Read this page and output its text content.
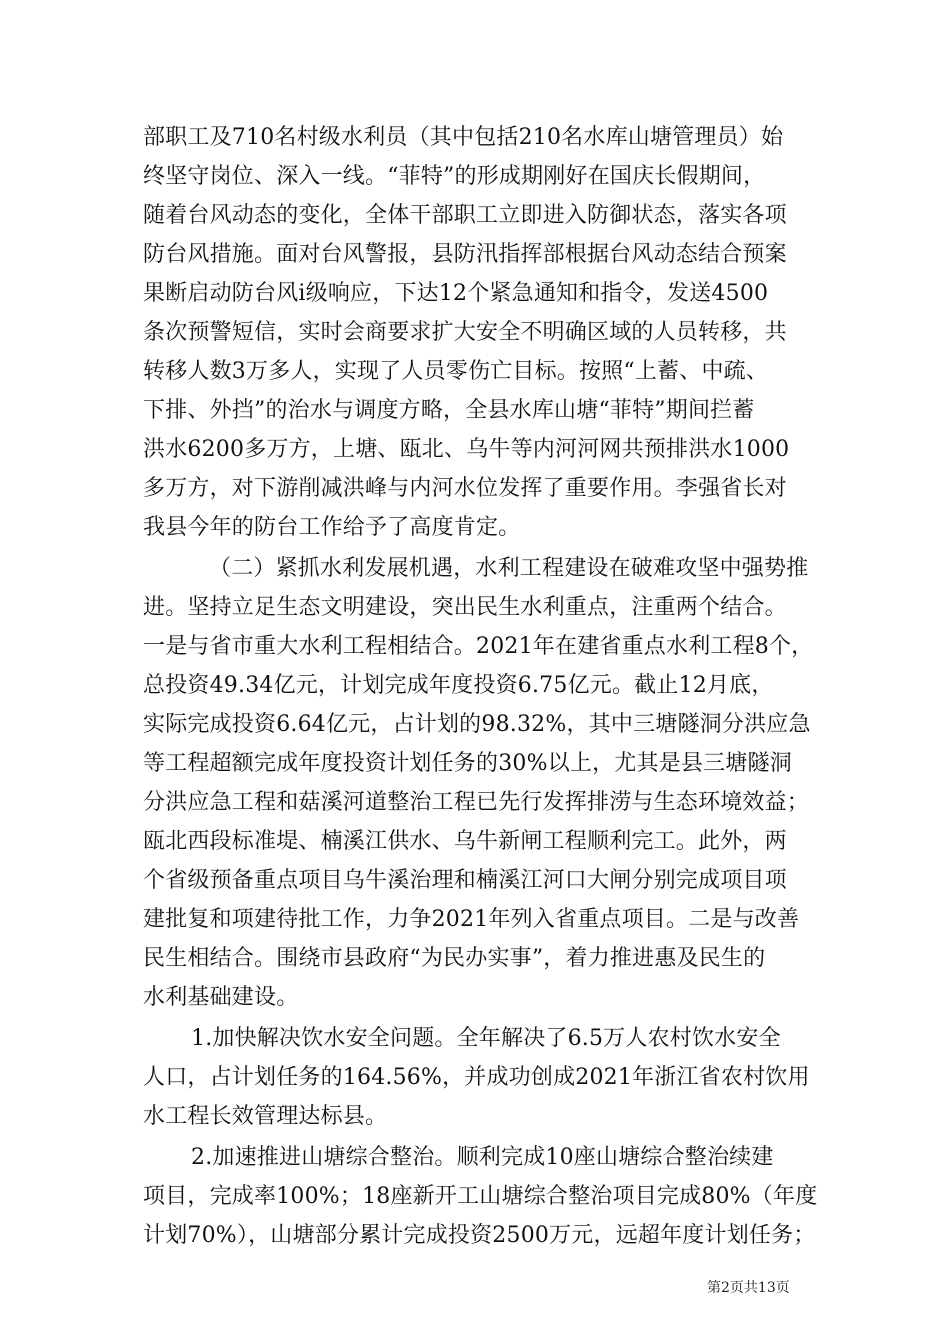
部职工及710名村级水利员（其中包括210名水库山塘管理员）始
终坚守岗位、深入一线。“菲特”的形成期刚好在国庆长假期间，
随着台风动态的变化，全体干部职工立即进入防御状态，落实各项
防台风措施。面对台风警报，县防汛指挥部根据台风动态结合预案
果断启动防台风ⅰ级响应，下达12个紧急通知和指令，发送4500
条次预警短信，实时会商要求扩大安全不明确区域的人员转移，共
转移人数3万多人，实现了人员零伤亡目标。按照“上蓄、中疏、
下排、外挡”的治水与调度方略，全县水库山塘“菲特”期间拦蓄
洪水6200多万方，上塘、瓯北、乌牛等内河河网共预排洪水1000
多万方，对下游削减洪峰与内河水位发挥了重要作用。李强省长对
我县今年的防台工作给予了高度肯定。
（二）紧抓水利发展机遇，水利工程建设在破难攻坚中强势推
进。坚持立足生态文明建设，突出民生水利重点，注重两个结合。
一是与省市重大水利工程相结合。2021年在建省重点水利工程8个，
总投资49.34亿元，计划完成年度投资6.75亿元。截止12月底，
实际完成投资6.64亿元，占计划的98.32%，其中三塘隧洞分洪应急
等工程超额完成年度投资计划任务的30%以上，尤其是县三塘隧洞
分洪应急工程和菇溪河道整治工程已先行发挥排涝与生态环境效益；
瓯北西段标准堤、楠溪江供水、乌牛新闸工程顺利完工。此外，两
个省级预备重点项目乌牛溪治理和楠溪江河口大闸分别完成项目项
建批复和项建待批工作，力争2021年列入省重点项目。二是与改善
民生相结合。围绕市县政府“为民办实事”，着力推进惠及民生的
水利基础建设。
1.加快解决饮水安全问题。全年解决了6.5万人农村饮水安全
人口，占计划任务的164.56%，并成功创成2021年浙江省农村饮用
水工程长效管理达标县。
2.加速推进山塘综合整治。顺利完成10座山塘综合整治续建
项目，完成率100%；18座新开工山塘综合整治项目完成80%（年度
计划70%），山塘部分累计完成投资2500万元，远超年度计划任务；
第2页共13页
